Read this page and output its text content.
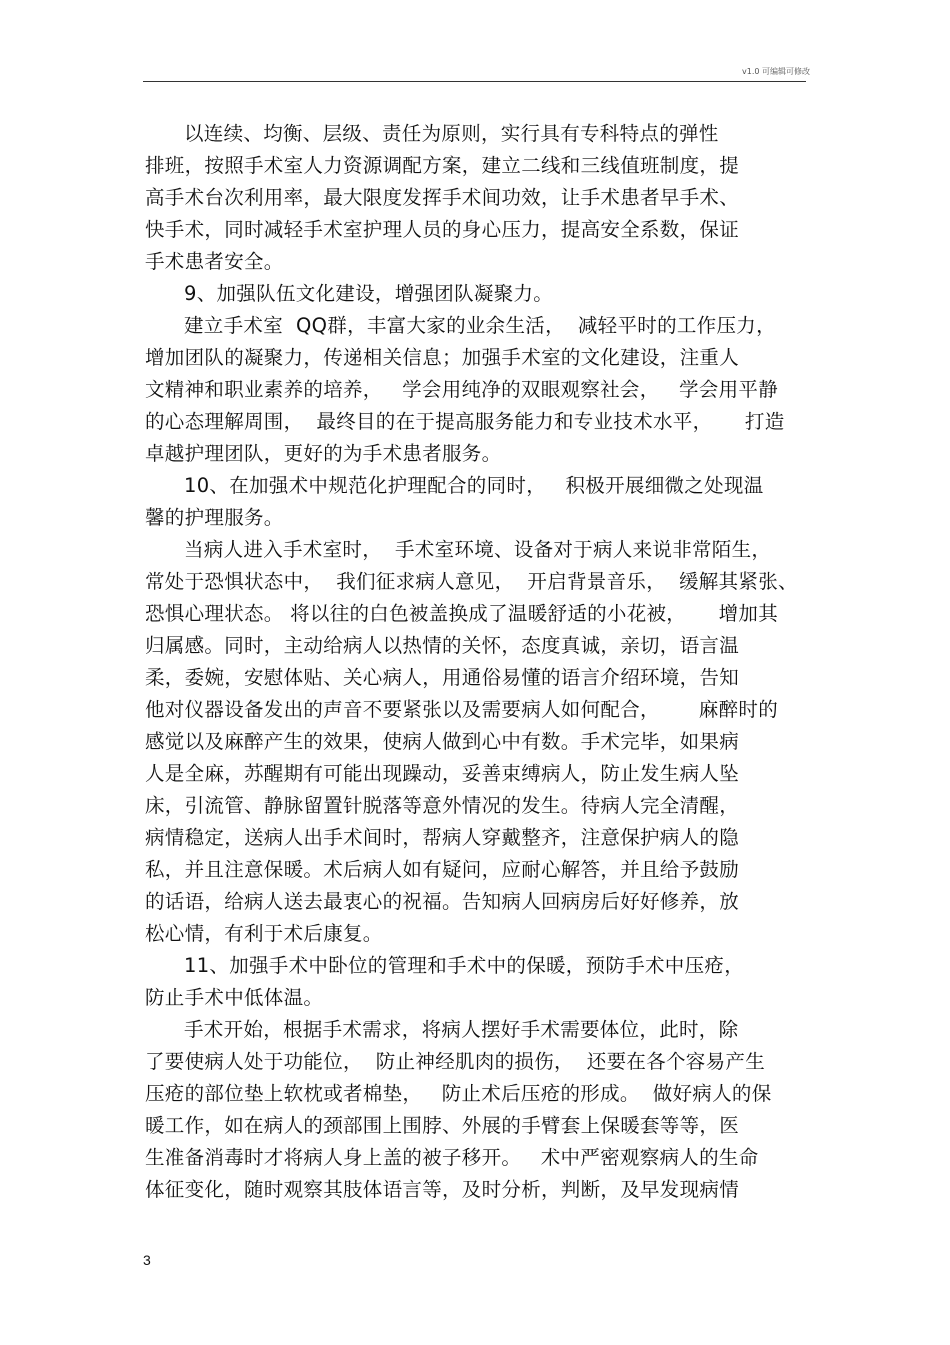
v1.0 可编辑可修改
以连续、均衡、层级、责任为原则，实行具有专科特点的弹性
排班，按照手术室人力资源调配方案，建立二线和三线值班制度，提
高手术台次利用率，最大限度发挥手术间功效，让手术患者早手术、
快手术，同时减轻手术室护理人员的身心压力，提高安全系数，保证
手术患者安全。
9、加强队伍文化建设，增强团队凝聚力。
建立手术室  QQ群，丰富大家的业余生活，  减轻平时的工作压力，
增加团队的凝聚力，传递相关信息；加强手术室的文化建设，注重人
文精神和职业素养的培养，   学会用纯净的双眼观察社会，   学会用平静
的心态理解周围，  最终目的在于提高服务能力和专业技术水平，     打造
卓越护理团队，更好的为手术患者服务。
10、在加强术中规范化护理配合的同时，   积极开展细微之处现温
馨的护理服务。
当病人进入手术室时，  手术室环境、设备对于病人来说非常陌生，
常处于恐惧状态中，  我们征求病人意见，  开启背景音乐，  缓解其紧张、
恐惧心理状态。 将以往的白色被盖换成了温暖舒适的小花被，     增加其
归属感。同时，主动给病人以热情的关怀，态度真诚，亲切，语言温
柔，委婉，安慰体贴、关心病人，用通俗易懂的语言介绍环境，告知
他对仪器设备发出的声音不要紧张以及需要病人如何配合，      麻醉时的
感觉以及麻醉产生的效果，使病人做到心中有数。手术完毕，如果病
人是全麻，苏醒期有可能出现躁动，妥善束缚病人，防止发生病人坠
床，引流管、静脉留置针脱落等意外情况的发生。待病人完全清醒，
病情稳定，送病人出手术间时，帮病人穿戴整齐，注意保护病人的隐
私，并且注意保暖。术后病人如有疑问，应耐心解答，并且给予鼓励
的话语，给病人送去最衷心的祝福。告知病人回病房后好好修养，放
松心情，有利于术后康复。
11、加强手术中卧位的管理和手术中的保暖，预防手术中压疮，
防止手术中低体温。
手术开始，根据手术需求，将病人摆好手术需要体位，此时，除
了要使病人处于功能位，  防止神经肌肉的损伤，  还要在各个容易产生
压疮的部位垫上软枕或者棉垫，   防止术后压疮的形成。  做好病人的保
暖工作，如在病人的颈部围上围脖、外展的手臂套上保暖套等等，医
生准备消毒时才将病人身上盖的被子移开。   术中严密观察病人的生命
体征变化，随时观察其肢体语言等，及时分析，判断，及早发现病情
3
